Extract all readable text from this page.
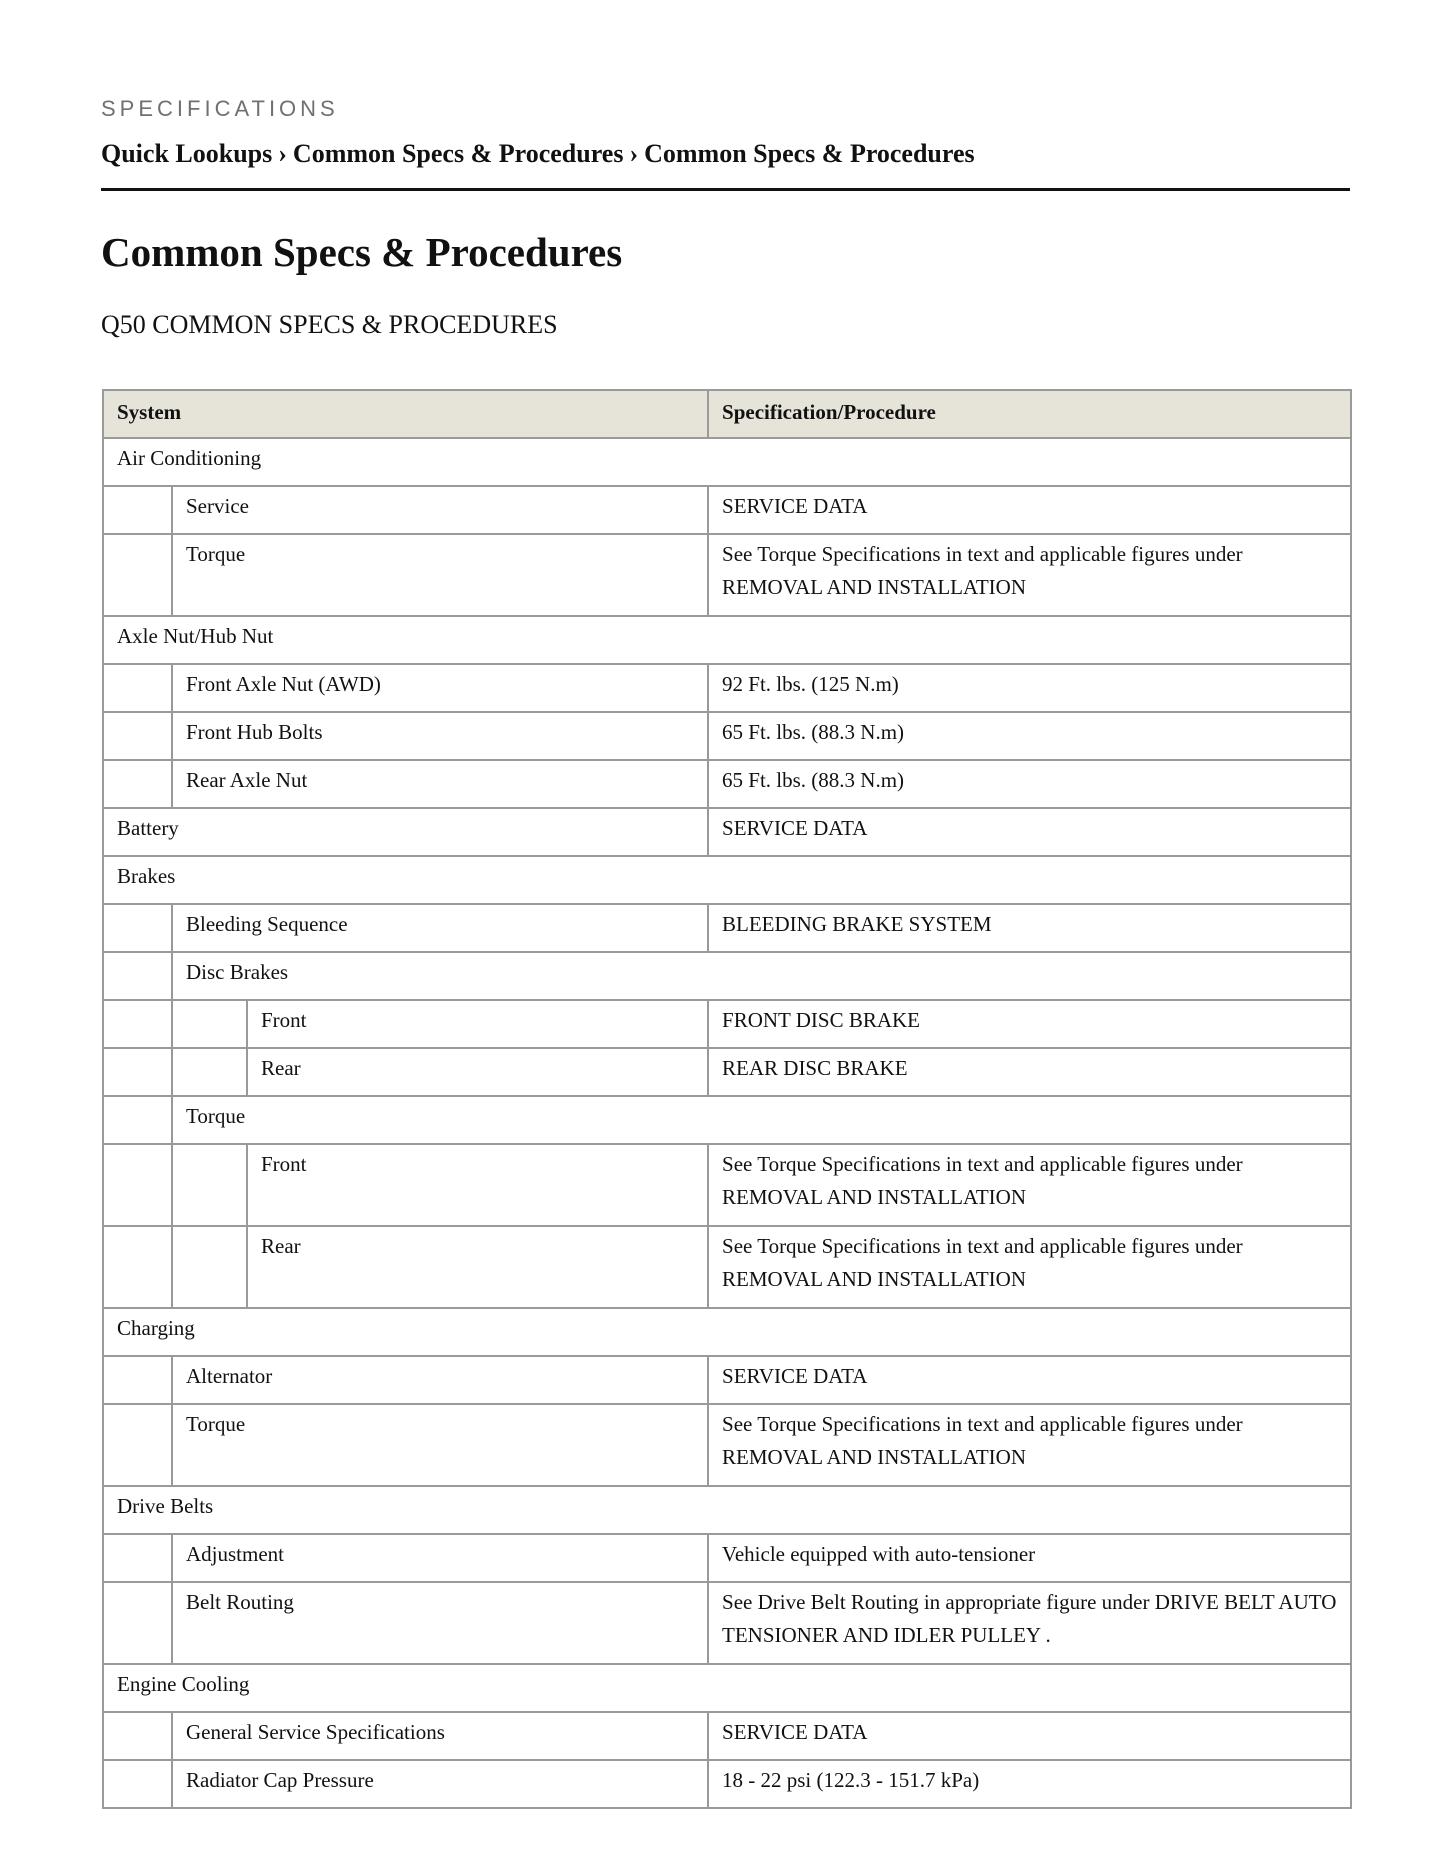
SPECIFICATIONS

Quick Lookups › Common Specs & Procedures › Common Specs & Procedures
Common Specs & Procedures
Q50 COMMON SPECS & PROCEDURES
System			Specification/Procedure
Air Conditioning			
	Service		SERVICE DATA
	Torque		See Torque Specifications in text and applicable figures under REMOVAL AND INSTALLATION
Axle Nut/Hub Nut			
	Front Axle Nut (AWD)		92 Ft. lbs. (125 N.m)
	Front Hub Bolts		65 Ft. lbs. (88.3 N.m)
	Rear Axle Nut		65 Ft. lbs. (88.3 N.m)
Battery			SERVICE DATA
Brakes			
	Bleeding Sequence		BLEEDING BRAKE SYSTEM
	Disc Brakes		
		Front	FRONT DISC BRAKE
		Rear	REAR DISC BRAKE
	Torque		
		Front	See Torque Specifications in text and applicable figures under REMOVAL AND INSTALLATION
		Rear	See Torque Specifications in text and applicable figures under REMOVAL AND INSTALLATION
Charging			
	Alternator		SERVICE DATA
	Torque		See Torque Specifications in text and applicable figures under REMOVAL AND INSTALLATION
Drive Belts			
	Adjustment		Vehicle equipped with auto-tensioner
	Belt Routing		See Drive Belt Routing in appropriate figure under DRIVE BELT AUTO TENSIONER AND IDLER PULLEY .
Engine Cooling			
	General Service Specifications		SERVICE DATA
	Radiator Cap Pressure		18 - 22 psi (122.3 - 151.7 kPa)
